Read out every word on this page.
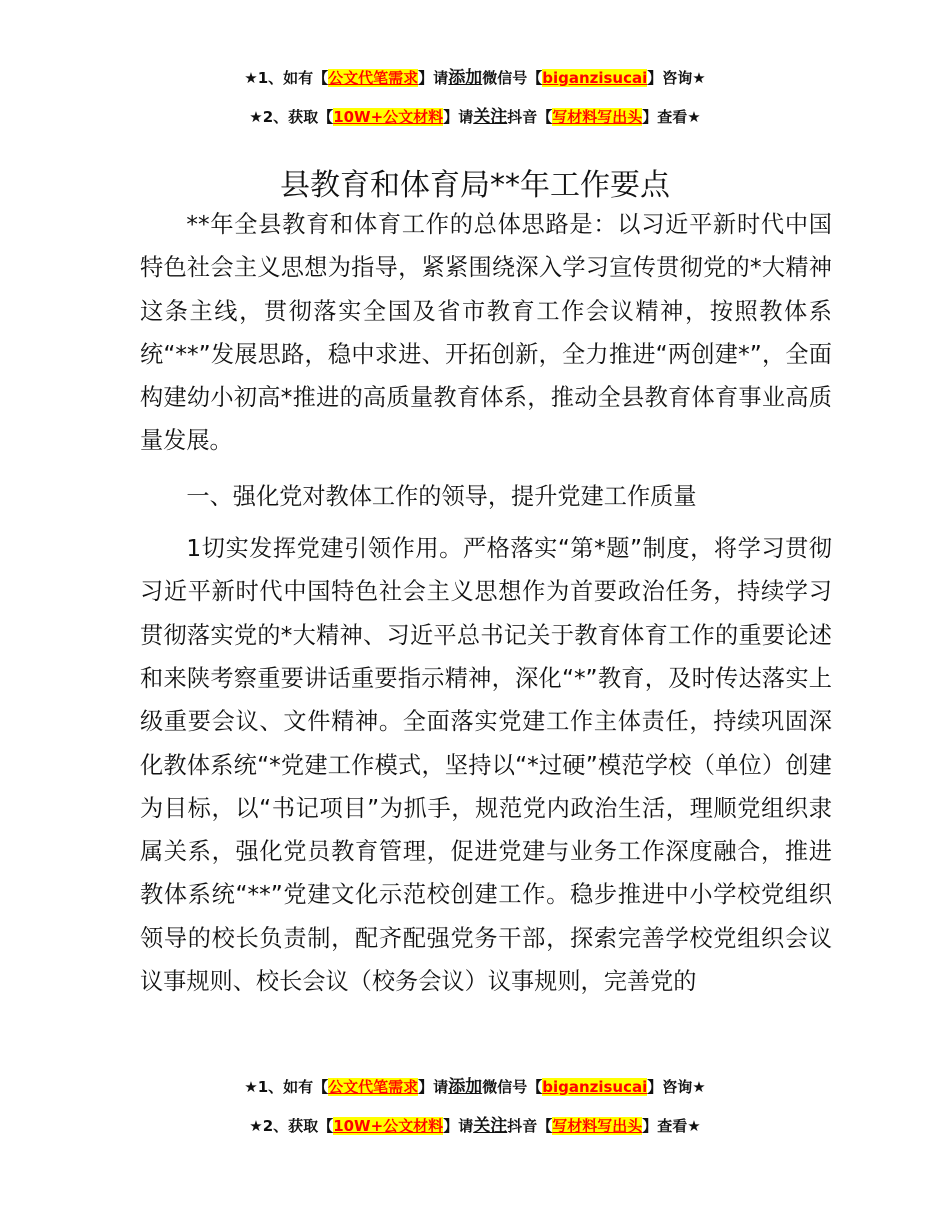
★1、如有【公文代笔需求】请添加微信号【biganzisucai】咨询★
★2、获取【10W+公文材料】请关注抖音【写材料写出头】查看★
县教育和体育局**年工作要点

**年全县教育和体育工作的总体思路是：以习近平新时代中国特色社会主义思想为指导，紧紧围绕深入学习宣传贯彻党的*大精神这条主线，贯彻落实全国及省市教育工作会议精神，按照教体系统“**”发展思路，稳中求进、开拓创新，全力推进“两创建*”，全面构建幼小初高*推进的高质量教育体系，推动全县教育体育事业高质量发展。

一、强化党对教体工作的领导，提升党建工作质量

1切实发挥党建引领作用。严格落实“第*题”制度，将学习贯彻习近平新时代中国特色社会主义思想作为首要政治任务，持续学习贯彻落实党的*大精神、习近平总书记关于教育体育工作的重要论述和来陕考察重要讲话重要指示精神，深化“*”教育，及时传达落实上级重要会议、文件精神。全面落实党建工作主体责任，持续巩固深化教体系统“*党建工作模式，坚持以“*过硬”模范学校（单位）创建为目标，以“书记项目”为抓手，规范党内政治生活，理顺党组织隶属关系，强化党员教育管理，促进党建与业务工作深度融合，推进教体系统“**”党建文化示范校创建工作。稳步推进中小学校党组织领导的校长负责制，配齐配强党务干部，探索完善学校党组织会议议事规则、校长会议（校务会议）议事规则，完善党的

★1、如有【公文代笔需求】请添加微信号【biganzisucai】咨询★
★2、获取【10W+公文材料】请关注抖音【写材料写出头】查看★
